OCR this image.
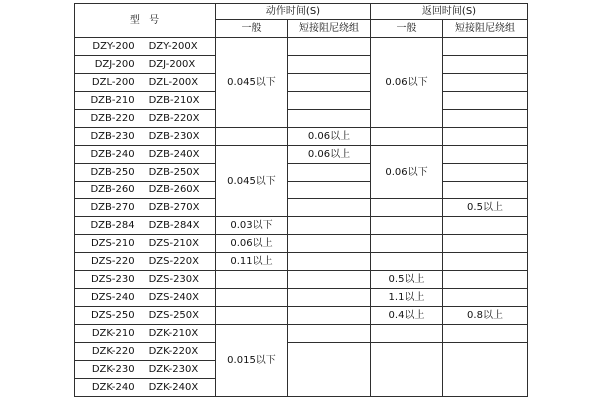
型  号	动作时间(S)		返回时间(S)	
	一般	短接阻尼绕组	一般	短接阻尼绕组

DZY-200 DZY-200X	0.045以下		0.06以下	

DZJ-200 DZJ-200X				

DZL-200 DZL-200X				

DZB-210 DZB-210X				

DZB-220 DZB-220X				

DZB-230 DZB-230X		0.06以上		

DZB-240 DZB-240X	0.045以下	0.06以上	0.06以下	

DZB-250 DZB-250X				

DZB-260 DZB-260X				

DZB-270 DZB-270X				0.5以上

DZB-284 DZB-284X	0.03以下			

DZS-210 DZS-210X	0.06以上			

DZS-220 DZS-220X	0.11以上			

DZS-230 DZS-230X			0.5以上	

DZS-240 DZS-240X			1.1以上	

DZS-250 DZS-250X			0.4以上	0.8以上

DZK-210 DZK-210X	0.015以下			

DZK-220 DZK-220X				

DZK-230 DZK-230X				

DZK-240 DZK-240X				
